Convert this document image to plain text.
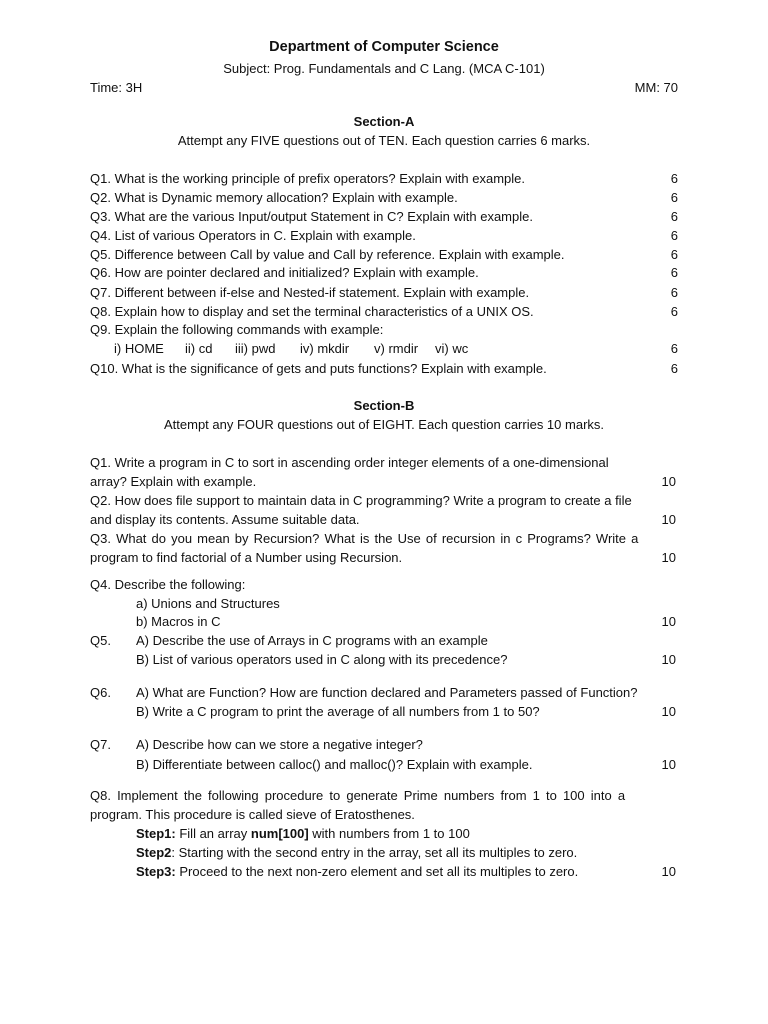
Department of Computer Science
Subject: Prog. Fundamentals and C Lang. (MCA C-101)
Time: 3H	MM: 70
Section-A
Attempt any FIVE questions out of TEN. Each question carries 6 marks.
Q1. What is the working principle of prefix operators? Explain with example.	6
Q2. What is Dynamic memory allocation? Explain with example.	6
Q3. What are the various Input/output Statement in C? Explain with example.	6
Q4. List of various Operators in C. Explain with example.	6
Q5. Difference between Call by value and Call by reference. Explain with example.	6
Q6. How are pointer declared and initialized? Explain with example.	6
Q7. Different between if-else and Nested-if statement. Explain with example.	6
Q8. Explain how to display and set the terminal characteristics of a UNIX OS.	6
Q9. Explain the following commands with example:
i) HOME ii) cd iii) pwd iv) mkdir v) rmdir vi) wc	6
Q10. What is the significance of gets and puts functions? Explain with example.	6
Section-B
Attempt any FOUR questions out of EIGHT. Each question carries 10 marks.
Q1. Write a program in C to sort in ascending order integer elements of a one-dimensional
array? Explain with example.	10
Q2. How does file support to maintain data in C programming? Write a program to create a file
and display its contents. Assume suitable data.	10
Q3. What do you mean by Recursion? What is the Use of recursion in c Programs? Write a
program to find factorial of a Number using Recursion.	10
Q4. Describe the following:
a) Unions and Structures
b) Macros in C	10
Q5. A) Describe the use of Arrays in C programs with an example
B) List of various operators used in C along with its precedence?	10
Q6. A) What are Function? How are function declared and Parameters passed of Function?
B) Write a C program to print the average of all numbers from 1 to 50?	10
Q7. A) Describe how can we store a negative integer?
B) Differentiate between calloc() and malloc()? Explain with example.	10
Q8. Implement the following procedure to generate Prime numbers from 1 to 100 into a
program. This procedure is called sieve of Eratosthenes.
Step1: Fill an array num[100] with numbers from 1 to 100
Step2: Starting with the second entry in the array, set all its multiples to zero.
Step3: Proceed to the next non-zero element and set all its multiples to zero.	10
